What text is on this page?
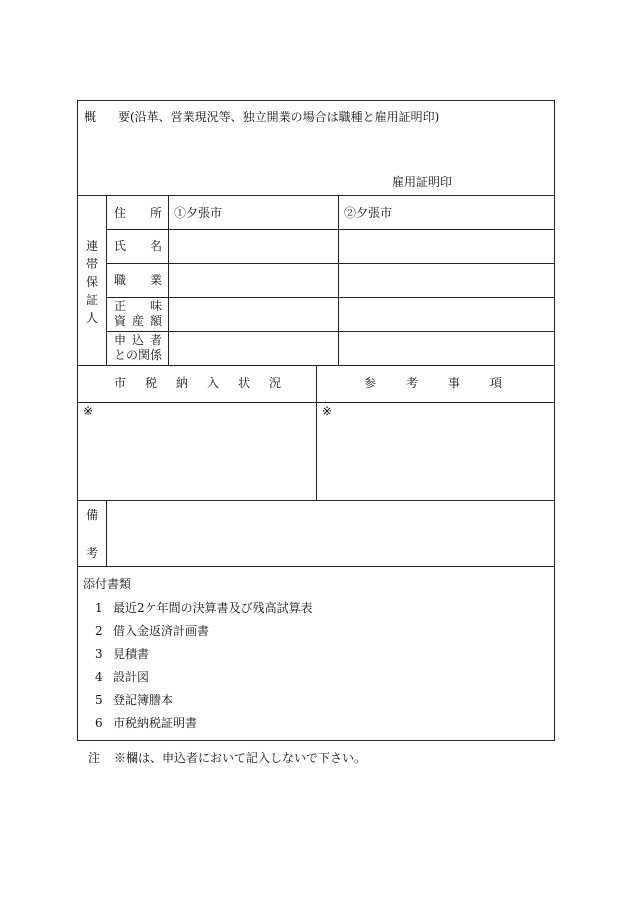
概 要 (沿革、営業現況等、独立開業の場合は職種と雇用証明印)
雇用証明印
連
帯
保
証
人
住 所 ①夕張市	②夕張市
氏 名
職 業
正 味
資 産 額
申 込 者
との関係
市 税 納 入 状 況	参 考 事 項
※	※
備
考
添付書類
1 最近2ケ年間の決算書及び残高試算表
2 借入金返済計画書
3 見積書
4 設計図
5 登記簿謄本
6 市税納税証明書
注 ※欄は、申込者において記入しないで下さい。
